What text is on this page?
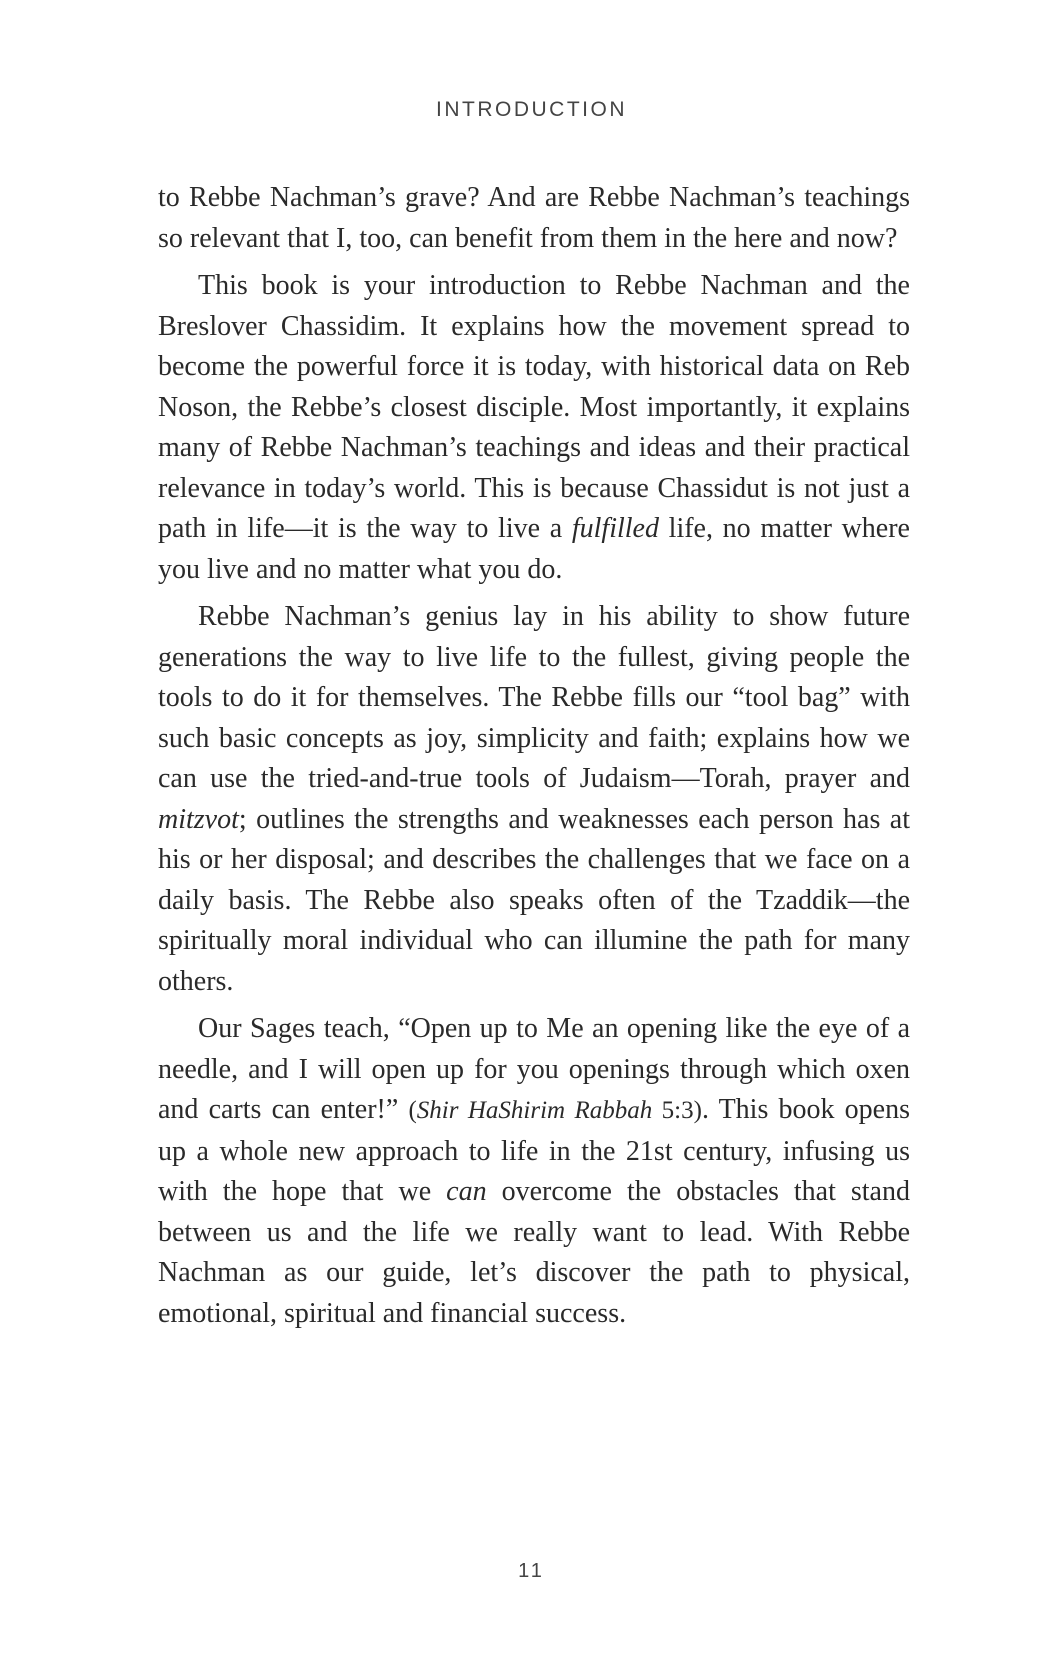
INTRODUCTION

to Rebbe Nachman’s grave? And are Rebbe Nachman’s teachings so relevant that I, too, can benefit from them in the here and now?

This book is your introduction to Rebbe Nachman and the Breslover Chassidim. It explains how the movement spread to become the powerful force it is today, with historical data on Reb Noson, the Rebbe’s closest disciple. Most importantly, it explains many of Rebbe Nachman’s teachings and ideas and their practical relevance in today’s world. This is because Chassidut is not just a path in life—it is the way to live a fulfilled life, no matter where you live and no matter what you do.

Rebbe Nachman’s genius lay in his ability to show future generations the way to live life to the fullest, giving people the tools to do it for themselves. The Rebbe fills our “tool bag” with such basic concepts as joy, simplicity and faith; explains how we can use the tried-and-true tools of Judaism—Torah, prayer and mitzvot; outlines the strengths and weaknesses each person has at his or her disposal; and describes the challenges that we face on a daily basis. The Rebbe also speaks often of the Tzaddik—the spiritually moral individual who can illumine the path for many others.

Our Sages teach, “Open up to Me an opening like the eye of a needle, and I will open up for you openings through which oxen and carts can enter!” (Shir HaShirim Rabbah 5:3). This book opens up a whole new approach to life in the 21st century, infusing us with the hope that we can overcome the obstacles that stand between us and the life we really want to lead. With Rebbe Nachman as our guide, let’s discover the path to physical, emotional, spiritual and financial success.

11
